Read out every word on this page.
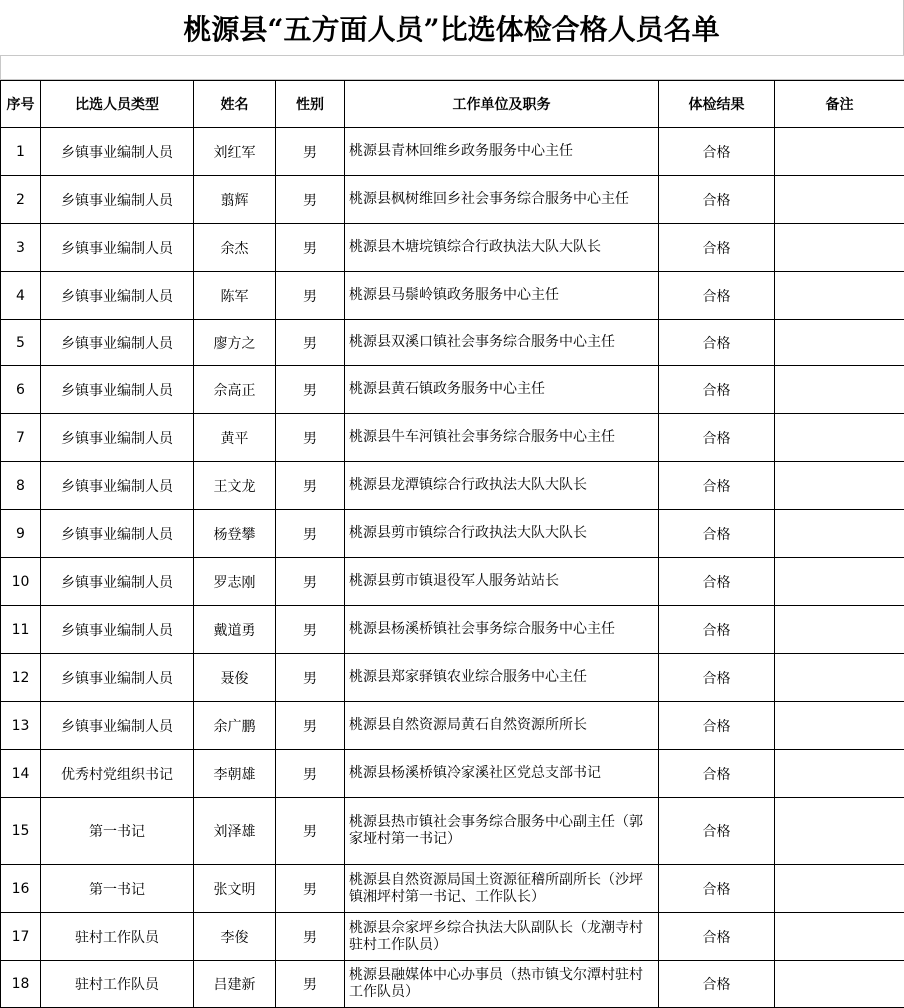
桃源县“五方面人员”比选体检合格人员名单
序号	比选人员类型	姓名	性别	工作单位及职务	体检结果	备注
1	乡镇事业编制人员	刘红军	男	桃源县青林回维乡政务服务中心主任	合格	
2	乡镇事业编制人员	翦辉	男	桃源县枫树维回乡社会事务综合服务中心主任	合格	
3	乡镇事业编制人员	余杰	男	桃源县木塘垸镇综合行政执法大队大队长	合格	
4	乡镇事业编制人员	陈军	男	桃源县马鬃岭镇政务服务中心主任	合格	
5	乡镇事业编制人员	廖方之	男	桃源县双溪口镇社会事务综合服务中心主任	合格	
6	乡镇事业编制人员	佘高正	男	桃源县黄石镇政务服务中心主任	合格	
7	乡镇事业编制人员	黄平	男	桃源县牛车河镇社会事务综合服务中心主任	合格	
8	乡镇事业编制人员	王文龙	男	桃源县龙潭镇综合行政执法大队大队长	合格	
9	乡镇事业编制人员	杨登攀	男	桃源县剪市镇综合行政执法大队大队长	合格	
10	乡镇事业编制人员	罗志刚	男	桃源县剪市镇退役军人服务站站长	合格	
11	乡镇事业编制人员	戴道勇	男	桃源县杨溪桥镇社会事务综合服务中心主任	合格	
12	乡镇事业编制人员	聂俊	男	桃源县郑家驿镇农业综合服务中心主任	合格	
13	乡镇事业编制人员	余广鹏	男	桃源县自然资源局黄石自然资源所所长	合格	
14	优秀村党组织书记	李朝雄	男	桃源县杨溪桥镇冷家溪社区党总支部书记	合格	
15	第一书记	刘泽雄	男	桃源县热市镇社会事务综合服务中心副主任（郭家垭村第一书记）	合格	
16	第一书记	张文明	男	桃源县自然资源局国土资源征稽所副所长（沙坪镇湘坪村第一书记、工作队长）	合格	
17	驻村工作队员	李俊	男	桃源县佘家坪乡综合执法大队副队长（龙潮寺村驻村工作队员）	合格	
18	驻村工作队员	吕建新	男	桃源县融媒体中心办事员（热市镇戈尔潭村驻村工作队员）	合格	
